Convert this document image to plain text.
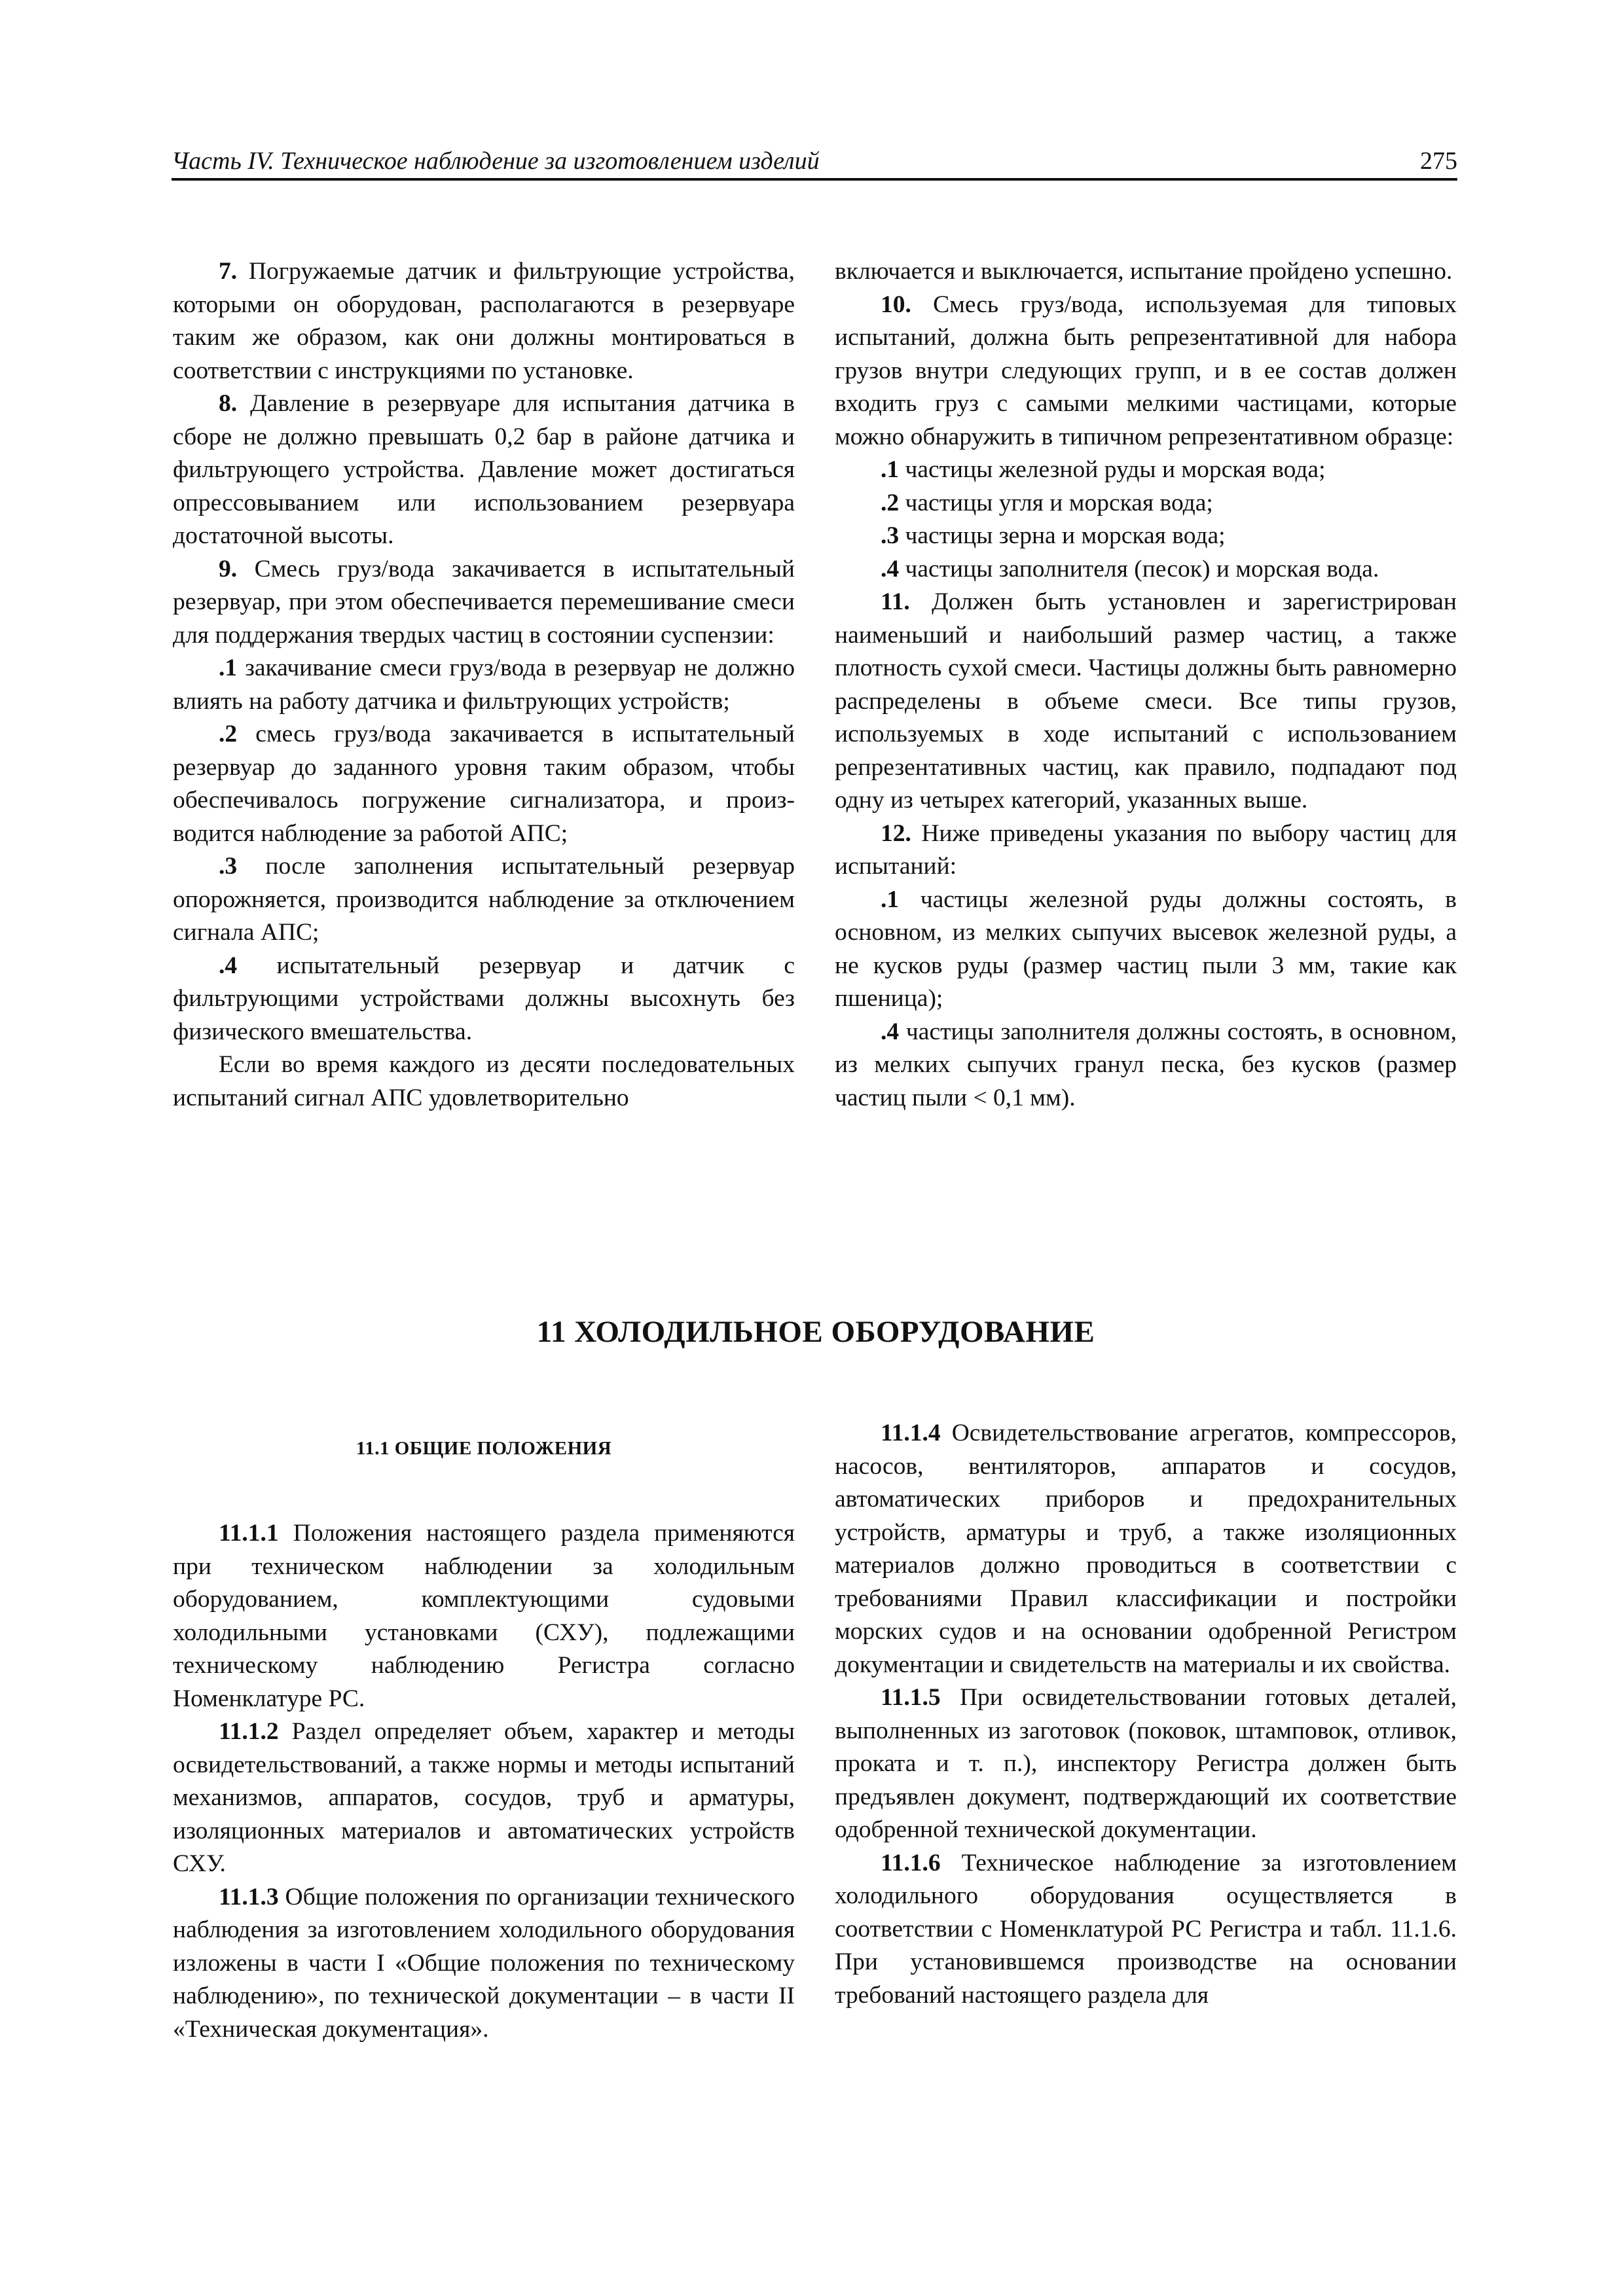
Часть IV. Техническое наблюдение за изготовлением изделий	275

7. Погружаемые датчик и фильтрующие устройства, которыми он оборудован, располагаются в резервуаре таким же образом, как они должны монтироваться в соответствии с инструкциями по установке.

8. Давление в резервуаре для испытания датчика в сборе не должно превышать 0,2 бар в районе датчика и фильтрующего устройства. Давление может достигаться опрессовыванием или использованием резервуара достаточной высоты.

9. Смесь груз/вода закачивается в испытательный резервуар, при этом обеспечивается перемешивание смеси для поддержания твердых частиц в состоянии суспензии:

.1 закачивание смеси груз/вода в резервуар не должно влиять на работу датчика и фильтрующих устройств;

.2 смесь груз/вода закачивается в испытательный резервуар до заданного уровня таким образом, чтобы обеспечивалось погружение сигнализатора, и производится наблюдение за работой АПС;

.3 после заполнения испытательный резервуар опорожняется, производится наблюдение за отключением сигнала АПС;

.4 испытательный резервуар и датчик с фильтрующими устройствами должны высохнуть без физического вмешательства.

Если во время каждого из десяти последовательных испытаний сигнал АПС удовлетворительно

включается и выключается, испытание пройдено успешно.

10. Смесь груз/вода, используемая для типовых испытаний, должна быть репрезентативной для набора грузов внутри следующих групп, и в ее состав должен входить груз с самыми мелкими частицами, которые можно обнаружить в типичном репрезентативном образце:

.1 частицы железной руды и морская вода;

.2 частицы угля и морская вода;

.3 частицы зерна и морская вода;

.4 частицы заполнителя (песок) и морская вода.

11. Должен быть установлен и зарегистрирован наименьший и наибольший размер частиц, а также плотность сухой смеси. Частицы должны быть равномерно распределены в объеме смеси. Все типы грузов, используемых в ходе испытаний с использованием репрезентативных частиц, как правило, подпадают под одну из четырех категорий, указанных выше.

12. Ниже приведены указания по выбору частиц для испытаний:

.1 частицы железной руды должны состоять, в основном, из мелких сыпучих высевок железной руды, а не кусков руды (размер частиц пыли 3 мм, такие как пшеница);

.4 частицы заполнителя должны состоять, в основном, из мелких сыпучих гранул песка, без кусков (размер частиц пыли < 0,1 мм).

11 ХОЛОДИЛЬНОЕ ОБОРУДОВАНИЕ
11.1 ОБЩИЕ ПОЛОЖЕНИЯ

11.1.1 Положения настоящего раздела применяются при техническом наблюдении за холодильным оборудованием, комплектующими судовыми холодильными установками (СХУ), подлежащими техническому наблюдению Регистра согласно Номенклатуре РС.

11.1.2 Раздел определяет объем, характер и методы освидетельствований, а также нормы и методы испытаний механизмов, аппаратов, сосудов, труб и арматуры, изоляционных материалов и автоматических устройств СХУ.

11.1.3 Общие положения по организации технического наблюдения за изготовлением холодильного оборудования изложены в части I «Общие положения по техническому наблюдению», по технической документации – в части II «Техническая документация».

11.1.4 Освидетельствование агрегатов, компрессоров, насосов, вентиляторов, аппаратов и сосудов, автоматических приборов и предохранительных устройств, арматуры и труб, а также изоляционных материалов должно проводиться в соответствии с требованиями Правил классификации и постройки морских судов и на основании одобренной Регистром документации и свидетельств на материалы и их свойства.

11.1.5 При освидетельствовании готовых деталей, выполненных из заготовок (поковок, штамповок, отливок, проката и т. п.), инспектору Регистра должен быть предъявлен документ, подтверждающий их соответствие одобренной технической документации.

11.1.6 Техническое наблюдение за изготовлением холодильного оборудования осуществляется в соответствии с Номенклатурой РС Регистра и табл. 11.1.6. При установившемся производстве на основании требований настоящего раздела для
